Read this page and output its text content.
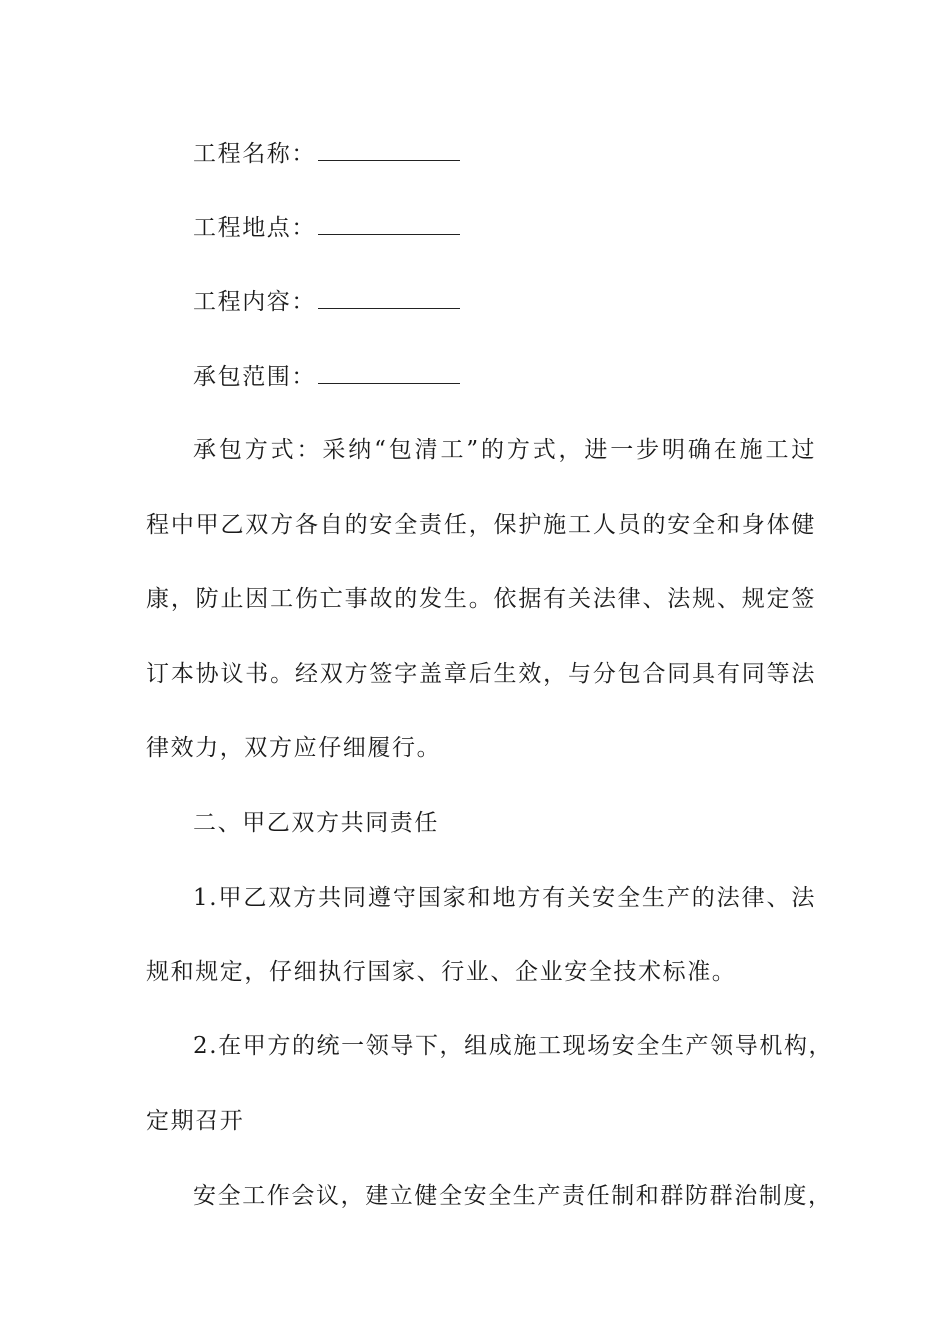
工程名称：
工程地点：
工程内容：
承包范围：
承包方式：采纳“包清工”的方式，进一步明确在施工过
程中甲乙双方各自的安全责任，保护施工人员的安全和身体健
康，防止因工伤亡事故的发生。依据有关法律、法规、规定签
订本协议书。经双方签字盖章后生效，与分包合同具有同等法
律效力，双方应仔细履行。
二、甲乙双方共同责任
1.甲乙双方共同遵守国家和地方有关安全生产的法律、法
规和规定，仔细执行国家、行业、企业安全技术标准。
2.在甲方的统一领导下，组成施工现场安全生产领导机构，
定期召开
安全工作会议，建立健全安全生产责任制和群防群治制度，
